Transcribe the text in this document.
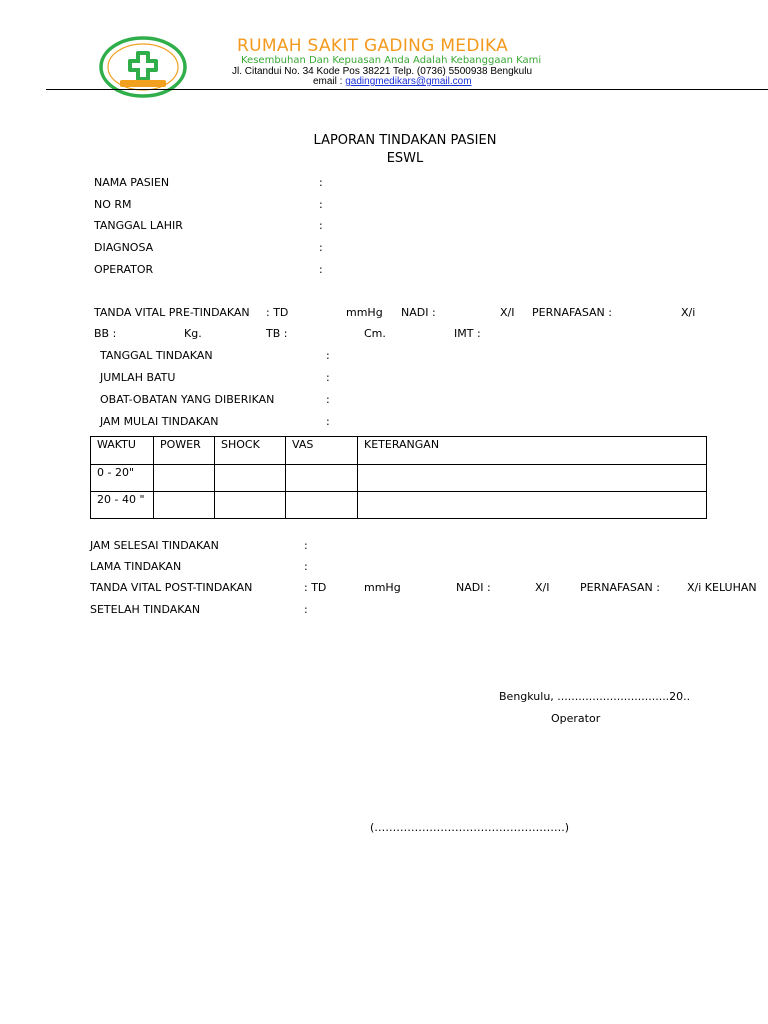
RUMAH SAKIT GADING MEDIKA
Kesembuhan Dan Kepuasan Anda Adalah Kebanggaan Kami
Jl. Citandui No. 34 Kode Pos 38221 Telp. (0736) 5500938 Bengkulu
email : gadingmedikars@gmail.com
LAPORAN TINDAKAN PASIEN
ESWL
NAMA PASIEN	:
NO RM	:
TANGGAL LAHIR	:
DIAGNOSA	:
OPERATOR	:
TANDA VITAL PRE-TINDAKAN : TD	mmHg NADI :	X/I PERNAFASAN :	X/i
BB :	Kg.	TB :	Cm.	IMT :
TANGGAL TINDAKAN	:
JUMLAH BATU	:
OBAT-OBATAN YANG DIBERIKAN	:
JAM MULAI TINDAKAN	:
WAKTU	POWER	SHOCK	VAS	KETERANGAN
0 - 20"				
20 - 40 "				
JAM SELESAI TINDAKAN	:
LAMA TINDAKAN	:
TANDA VITAL POST-TINDAKAN	: TD	mmHg	NADI :	X/I	PERNAFASAN : X/i KELUHAN
SETELAH TINDAKAN	:
Bengkulu, ................................20..
Operator
(…………………………………………….)
